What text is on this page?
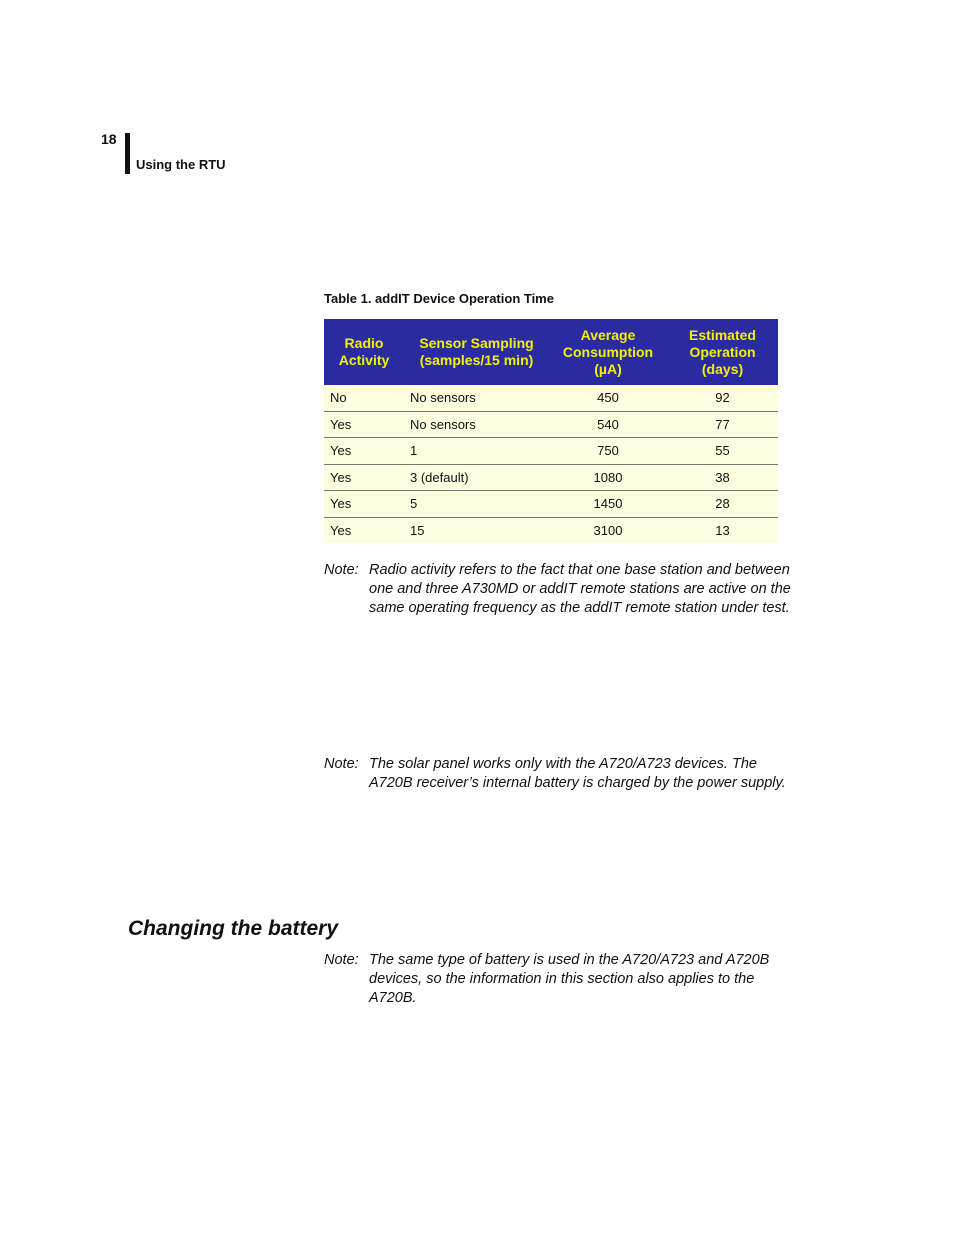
18
Using the RTU
Table 1. addIT Device Operation Time
Radio Activity	Sensor Sampling (samples/15 min)	Average Consumption (µA)	Estimated Operation (days)
No	No sensors	450	92
Yes	No sensors	540	77
Yes	1	750	55
Yes	3 (default)	1080	38
Yes	5	1450	28
Yes	15	3100	13
Note: Radio activity refers to the fact that one base station and between one and three A730MD or addIT remote stations are active on the same operating frequency as the addIT remote station under test.
Note: The solar panel works only with the A720/A723 devices. The A720B receiver’s internal battery is charged by the power supply.
Changing the battery
Note: The same type of battery is used in the A720/A723 and A720B devices, so the information in this section also applies to the A720B.
